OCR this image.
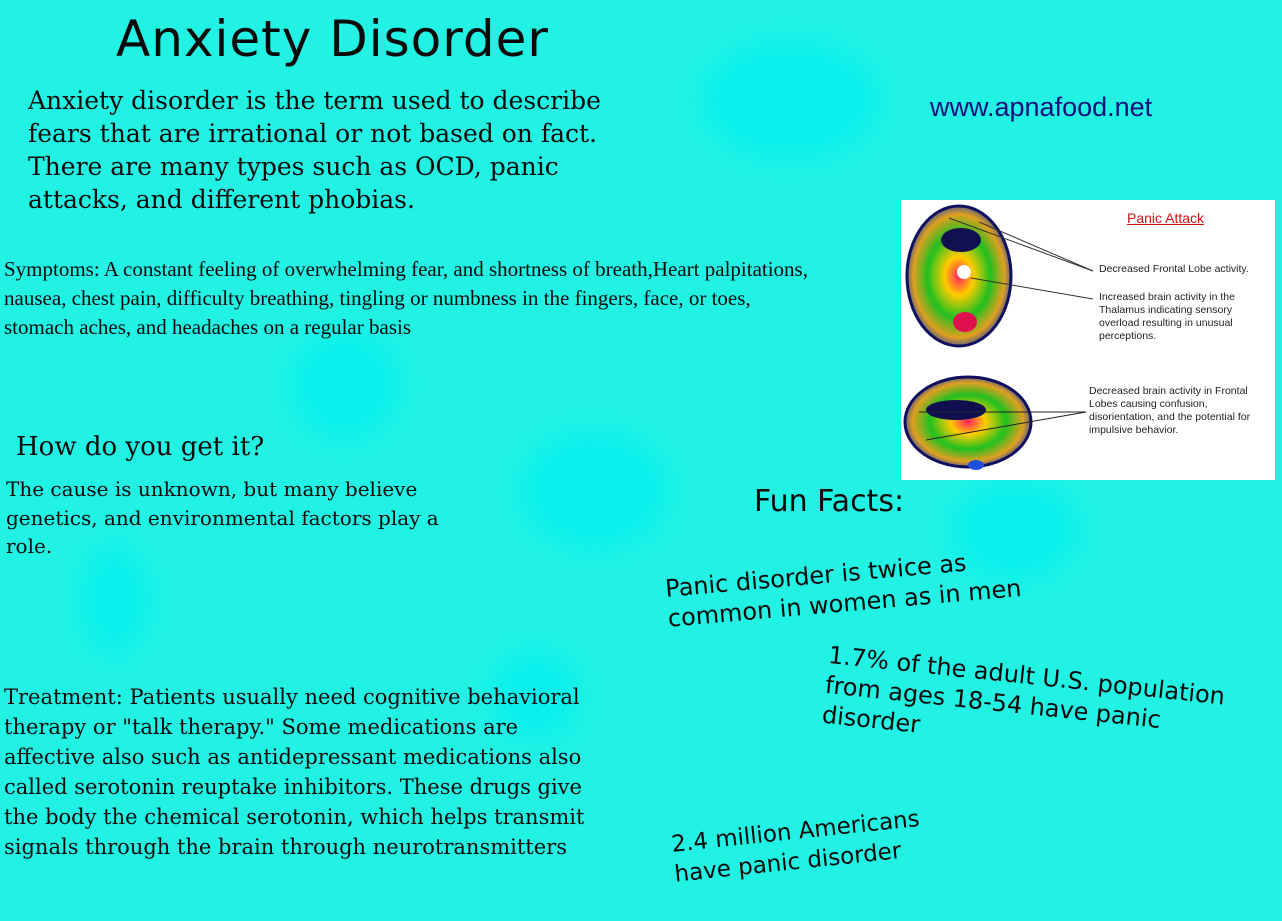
Anxiety Disorder
Anxiety disorder is the term used to describe
fears that are irrational or not based on fact.
There are many types such as OCD, panic
attacks, and different phobias.
Symptoms: A constant feeling of overwhelming fear, and shortness of breath,Heart palpitations, nausea, chest pain, difficulty breathing, tingling or numbness in the fingers, face, or toes, stomach aches, and headaches on a regular basis
How do you get it?
The cause is unknown, but many believe genetics, and environmental factors play a role.
Treatment: Patients usually need cognitive behavioral therapy or "talk therapy." Some medications are affective also such as antidepressant medications also called serotonin reuptake inhibitors. These drugs give the body the chemical serotonin, which helps transmit signals through the brain through neurotransmitters
www.apnafood.net
Panic Attack
Decreased Frontal Lobe activity.
Increased brain activity in the Thalamus indicating sensory overload resulting in unusual perceptions.
Decreased brain activity in Frontal Lobes causing confusion, disorientation, and the potential for impulsive behavior.
Fun Facts:
Panic disorder is twice as common in women as in men
1.7% of the adult U.S. population from ages 18-54 have panic disorder
2.4 million Americans have panic disorder
